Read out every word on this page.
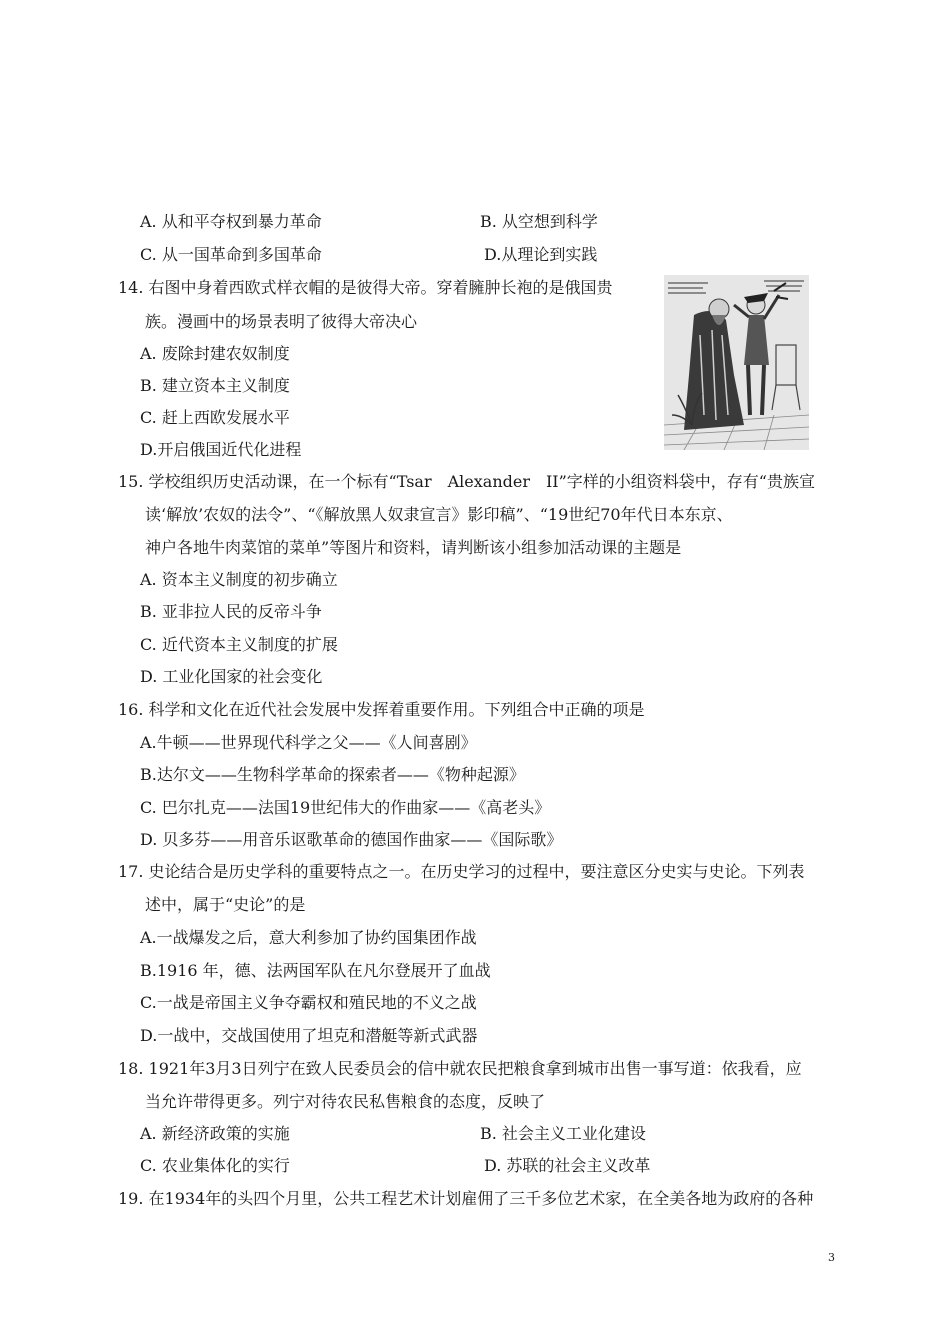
A. 从和平夺权到暴力革命	B. 从空想到科学
C. 从一国革命到多国革命	D.从理论到实践
14. 右图中身着西欧式样衣帽的是彼得大帝。穿着臃肿长袍的是俄国贵
族。漫画中的场景表明了彼得大帝决心
A. 废除封建农奴制度
B. 建立资本主义制度
C. 赶上西欧发展水平
D.开启俄国近代化进程
15. 学校组织历史活动课，在一个标有“Tsar　Alexander　II”字样的小组资料袋中，存有“贵族宣
读‘解放’农奴的法令”、“《解放黑人奴隶宣言》影印稿”、“19世纪70年代日本东京、
神户各地牛肉菜馆的菜单”等图片和资料，请判断该小组参加活动课的主题是
A. 资本主义制度的初步确立
B. 亚非拉人民的反帝斗争
C. 近代资本主义制度的扩展
D. 工业化国家的社会变化
16. 科学和文化在近代社会发展中发挥着重要作用。下列组合中正确的项是
A.牛顿——世界现代科学之父——《人间喜剧》
B.达尔文——生物科学革命的探索者——《物种起源》
C. 巴尔扎克——法国19世纪伟大的作曲家——《高老头》
D. 贝多芬——用音乐讴歌革命的德国作曲家——《国际歌》
17. 史论结合是历史学科的重要特点之一。在历史学习的过程中，要注意区分史实与史论。下列表
述中，属于“史论”的是
A.一战爆发之后，意大利参加了协约国集团作战
B.1916 年，德、法两国军队在凡尔登展开了血战
C.一战是帝国主义争夺霸权和殖民地的不义之战
D.一战中，交战国使用了坦克和潜艇等新式武器
18. 1921年3月3日列宁在致人民委员会的信中就农民把粮食拿到城市出售一事写道：依我看，应
当允许带得更多。列宁对待农民私售粮食的态度，反映了
A. 新经济政策的实施	B. 社会主义工业化建设
C. 农业集体化的实行	D. 苏联的社会主义改革
19. 在1934年的头四个月里，公共工程艺术计划雇佣了三千多位艺术家，在全美各地为政府的各种
3
